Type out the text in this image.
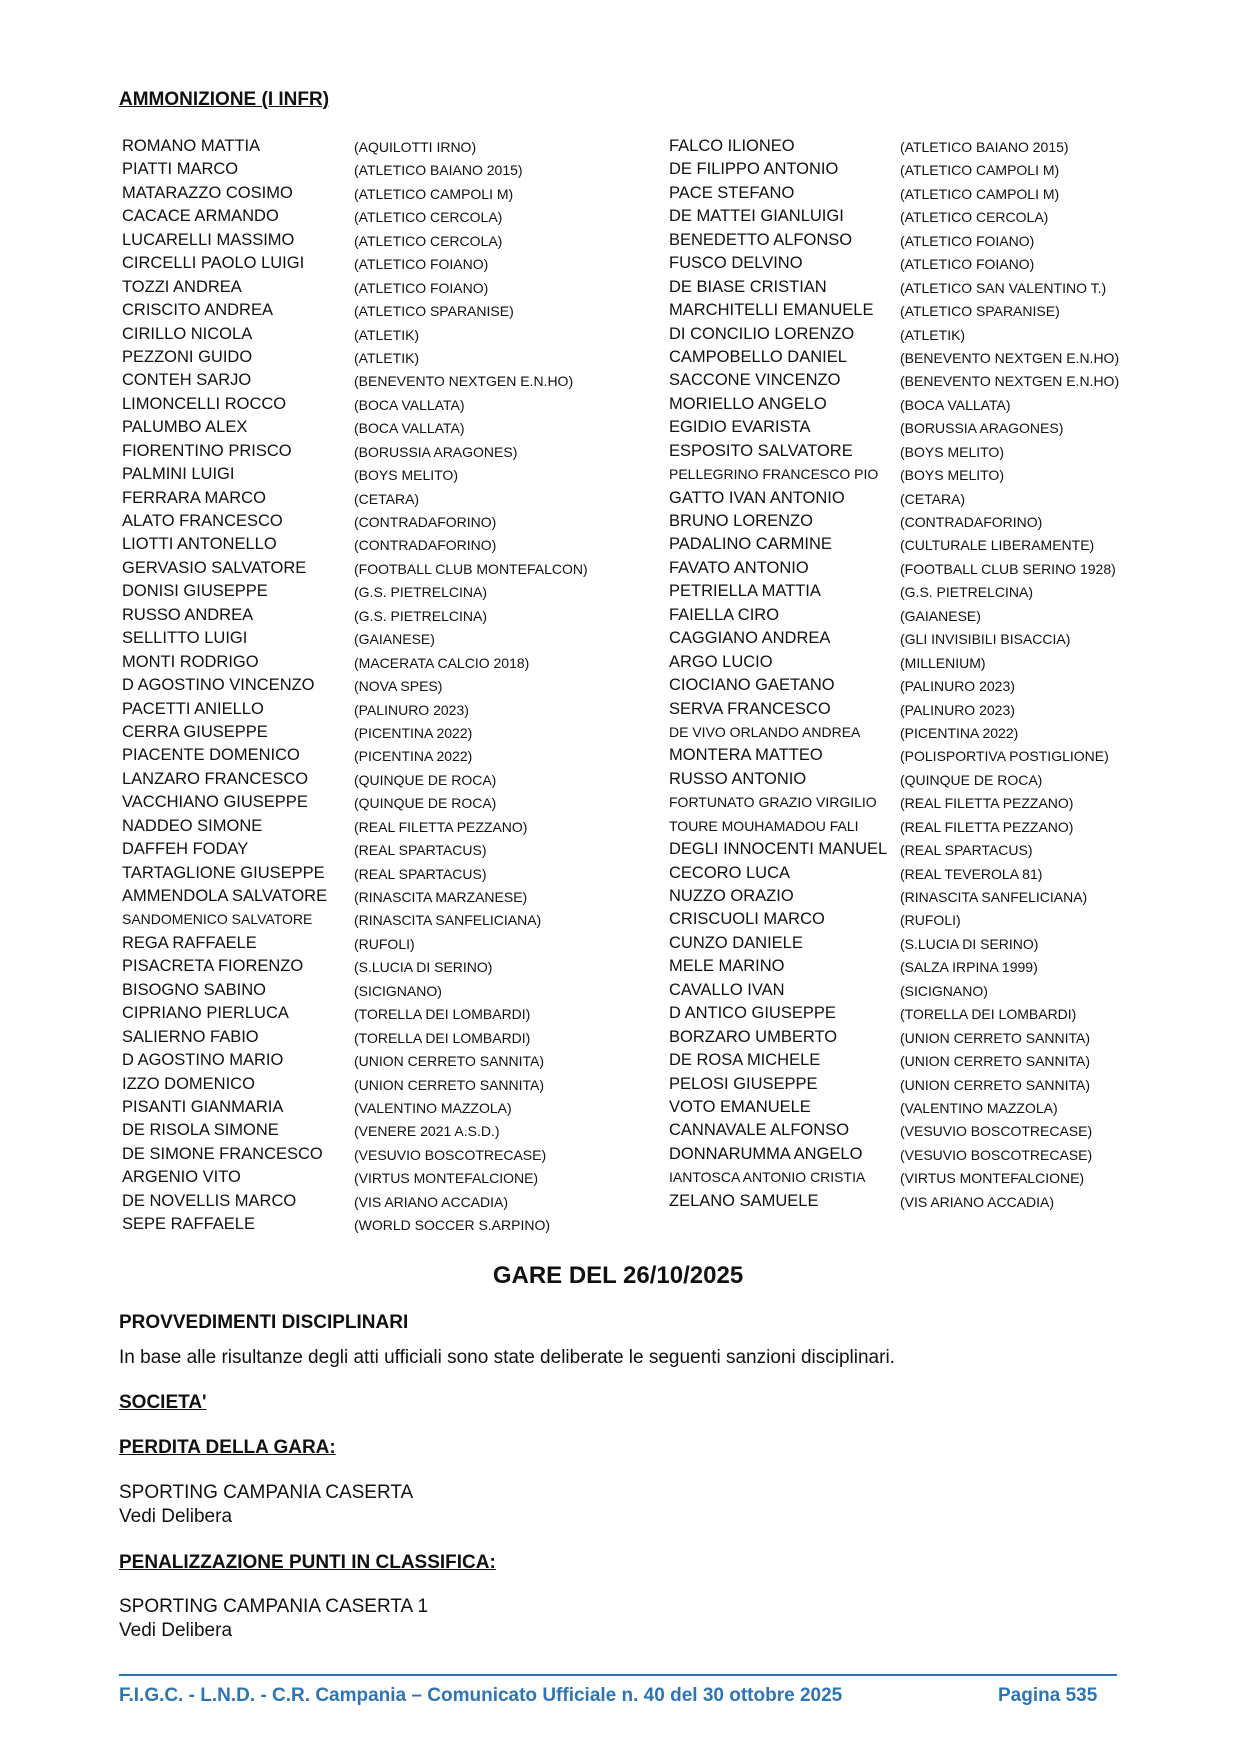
AMMONIZIONE (I INFR)
ROMANO MATTIA	(AQUILOTTI IRNO)
PIATTI MARCO	(ATLETICO BAIANO 2015)
MATARAZZO COSIMO	(ATLETICO CAMPOLI M)
CACACE ARMANDO	(ATLETICO CERCOLA)
LUCARELLI MASSIMO	(ATLETICO CERCOLA)
CIRCELLI PAOLO LUIGI	(ATLETICO FOIANO)
TOZZI ANDREA	(ATLETICO FOIANO)
CRISCITO ANDREA	(ATLETICO SPARANISE)
CIRILLO NICOLA	(ATLETIK)
PEZZONI GUIDO	(ATLETIK)
CONTEH SARJO	(BENEVENTO NEXTGEN E.N.HO)
LIMONCELLI ROCCO	(BOCA VALLATA)
PALUMBO ALEX	(BOCA VALLATA)
FIORENTINO PRISCO	(BORUSSIA ARAGONES)
PALMINI LUIGI	(BOYS MELITO)
FERRARA MARCO	(CETARA)
ALATO FRANCESCO	(CONTRADAFORINO)
LIOTTI ANTONELLO	(CONTRADAFORINO)
GERVASIO SALVATORE	(FOOTBALL CLUB MONTEFALCON)
DONISI GIUSEPPE	(G.S. PIETRELCINA)
RUSSO ANDREA	(G.S. PIETRELCINA)
SELLITTO LUIGI	(GAIANESE)
MONTI RODRIGO	(MACERATA CALCIO 2018)
D AGOSTINO VINCENZO	(NOVA SPES)
PACETTI ANIELLO	(PALINURO 2023)
CERRA GIUSEPPE	(PICENTINA 2022)
PIACENTE DOMENICO	(PICENTINA 2022)
LANZARO FRANCESCO	(QUINQUE DE ROCA)
VACCHIANO GIUSEPPE	(QUINQUE DE ROCA)
NADDEO SIMONE	(REAL FILETTA PEZZANO)
DAFFEH FODAY	(REAL SPARTACUS)
TARTAGLIONE GIUSEPPE (REAL SPARTACUS)
AMMENDOLA SALVATORE (RINASCITA MARZANESE)
SANDOMENICO SALVATORE	(RINASCITA SANFELICIANA)
REGA RAFFAELE	(RUFOLI)
PISACRETA FIORENZO	(S.LUCIA DI SERINO)
BISOGNO SABINO	(SICIGNANO)
CIPRIANO PIERLUCA	(TORELLA DEI LOMBARDI)
SALIERNO FABIO	(TORELLA DEI LOMBARDI)
D AGOSTINO MARIO	(UNION CERRETO SANNITA)
IZZO DOMENICO	(UNION CERRETO SANNITA)
PISANTI GIANMARIA	(VALENTINO MAZZOLA)
DE RISOLA SIMONE	(VENERE 2021 A.S.D.)
DE SIMONE FRANCESCO (VESUVIO BOSCOTRECASE)
ARGENIO VITO	(VIRTUS MONTEFALCIONE)
DE NOVELLIS MARCO	(VIS ARIANO ACCADIA)
SEPE RAFFAELE	(WORLD SOCCER S.ARPINO)
FALCO ILIONEO	(ATLETICO BAIANO 2015)
DE FILIPPO ANTONIO	(ATLETICO CAMPOLI M)
PACE STEFANO	(ATLETICO CAMPOLI M)
DE MATTEI GIANLUIGI	(ATLETICO CERCOLA)
BENEDETTO ALFONSO	(ATLETICO FOIANO)
FUSCO DELVINO	(ATLETICO FOIANO)
DE BIASE CRISTIAN	(ATLETICO SAN VALENTINO T.)
MARCHITELLI EMANUELE (ATLETICO SPARANISE)
DI CONCILIO LORENZO	(ATLETIK)
CAMPOBELLO DANIEL	(BENEVENTO NEXTGEN E.N.HO)
SACCONE VINCENZO	(BENEVENTO NEXTGEN E.N.HO)
MORIELLO ANGELO	(BOCA VALLATA)
EGIDIO EVARISTA	(BORUSSIA ARAGONES)
ESPOSITO SALVATORE	(BOYS MELITO)
PELLEGRINO FRANCESCO PIO (BOYS MELITO)
GATTO IVAN ANTONIO	(CETARA)
BRUNO LORENZO	(CONTRADAFORINO)
PADALINO CARMINE	(CULTURALE LIBERAMENTE)
FAVATO ANTONIO	(FOOTBALL CLUB SERINO 1928)
PETRIELLA MATTIA	(G.S. PIETRELCINA)
FAIELLA CIRO	(GAIANESE)
CAGGIANO ANDREA	(GLI INVISIBILI BISACCIA)
ARGO LUCIO	(MILLENIUM)
CIOCIANO GAETANO	(PALINURO 2023)
SERVA FRANCESCO	(PALINURO 2023)
DE VIVO ORLANDO ANDREA	(PICENTINA 2022)
MONTERA MATTEO	(POLISPORTIVA POSTIGLIONE)
RUSSO ANTONIO	(QUINQUE DE ROCA)
FORTUNATO GRAZIO VIRGILIO (REAL FILETTA PEZZANO)
TOURE MOUHAMADOU FALI	(REAL FILETTA PEZZANO)
DEGLI INNOCENTI MANUEL (REAL SPARTACUS)
CECORO LUCA	(REAL TEVEROLA 81)
NUZZO ORAZIO	(RINASCITA SANFELICIANA)
CRISCUOLI MARCO	(RUFOLI)
CUNZO DANIELE	(S.LUCIA DI SERINO)
MELE MARINO	(SALZA IRPINA 1999)
CAVALLO IVAN	(SICIGNANO)
D ANTICO GIUSEPPE	(TORELLA DEI LOMBARDI)
BORZARO UMBERTO	(UNION CERRETO SANNITA)
DE ROSA MICHELE	(UNION CERRETO SANNITA)
PELOSI GIUSEPPE	(UNION CERRETO SANNITA)
VOTO EMANUELE	(VALENTINO MAZZOLA)
CANNAVALE ALFONSO	(VESUVIO BOSCOTRECASE)
DONNARUMMA ANGELO	(VESUVIO BOSCOTRECASE)
IANTOSCA ANTONIO CRISTIA (VIRTUS MONTEFALCIONE)
ZELANO SAMUELE	(VIS ARIANO ACCADIA)
GARE DEL 26/10/2025
PROVVEDIMENTI DISCIPLINARI
In base alle risultanze degli atti ufficiali sono state deliberate le seguenti sanzioni disciplinari.
SOCIETA'
PERDITA DELLA GARA:
SPORTING CAMPANIA CASERTA
Vedi Delibera
PENALIZZAZIONE PUNTI IN CLASSIFICA:
SPORTING CAMPANIA CASERTA 1
Vedi Delibera
F.I.G.C. - L.N.D. - C.R. Campania – Comunicato Ufficiale n. 40 del 30 ottobre 2025	Pagina 535
